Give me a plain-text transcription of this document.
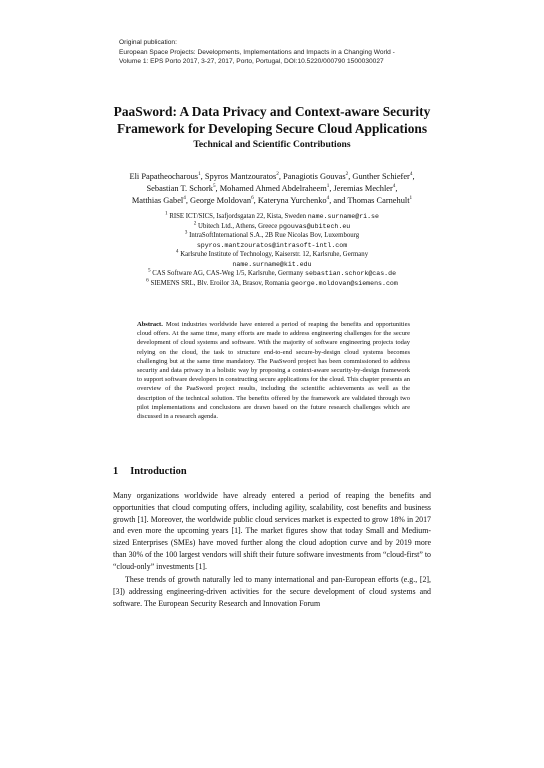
Original publication:
European Space Projects: Developments, Implementations and Impacts in a Changing World -
Volume 1: EPS Porto 2017, 3-27, 2017, Porto, Portugal, DOI:10.5220/000790 1500030027
PaaSword: A Data Privacy and Context-aware Security
Framework for Developing Secure Cloud Applications
Technical and Scientific Contributions
Eli Papatheocharous$^1$, Spyros Mantzouratos$^2$, Panagiotis Gouvas$^2$, Gunther Schiefer$^4$,
Sebastian T. Schork$^5$, Mohamed Ahmed Abdelraheem$^1$, Jeremias Mechler$^4$,
Matthias Gabel$^4$, George Moldovan$^6$, Kateryna Yurchenko$^4$, and Thomas Carnehult$^1$
$^1$ RISE ICT/SICS, Isafjordsgatan 22, Kista, Sweden name.surname@ri.se
$^2$ Ubitech Ltd., Athens, Greece pgouvas@ubitech.eu
$^3$ IntraSoftInternational S.A., 2B Rue Nicolas Bov, Luxembourg
spyros.mantzouratos@intrasoft-intl.com
$^4$ Karlsruhe Institute of Technology, Kaiserstr. 12, Karlsruhe, Germany
name.surname@kit.edu
$^5$ CAS Software AG, CAS-Weg 1/5, Karlsruhe, Germany sebastian.schork@cas.de
$^6$ SIEMENS SRL, Blv. Eroilor 3A, Brasov, Romania george.moldovan@siemens.com
Abstract. Most industries worldwide have entered a period of reaping the benefits and opportunities cloud offers. At the same time, many efforts are made to address engineering challenges for the secure development of cloud systems and software. With the majority of software engineering projects today relying on the cloud, the task to structure end-to-end secure-by-design cloud systems becomes challenging but at the same time mandatory. The PaaSword project has been commissioned to address security and data privacy in a holistic way by proposing a context-aware security-by-design framework to support software developers in constructing secure applications for the cloud. This chapter presents an overview of the PaaSword project results, including the scientific achievements as well as the description of the technical solution. The benefits offered by the framework are validated through two pilot implementations and conclusions are drawn based on the future research challenges which are discussed in a research agenda.
1 Introduction
Many organizations worldwide have already entered a period of reaping the benefits and opportunities that cloud computing offers, including agility, scalability, cost benefits and business growth [1]. Moreover, the worldwide public cloud services market is expected to grow 18% in 2017 and even more the upcoming years [1]. The market figures show that today Small and Medium-sized Enterprises (SMEs) have moved further along the cloud adoption curve and by 2019 more than 30% of the 100 largest vendors will shift their future software investments from “cloud-first” to “cloud-only” investments [1].
These trends of growth naturally led to many international and pan-European efforts (e.g., [2],[3]) addressing engineering-driven activities for the secure development of cloud systems and software. The European Security Research and Innovation Forum
